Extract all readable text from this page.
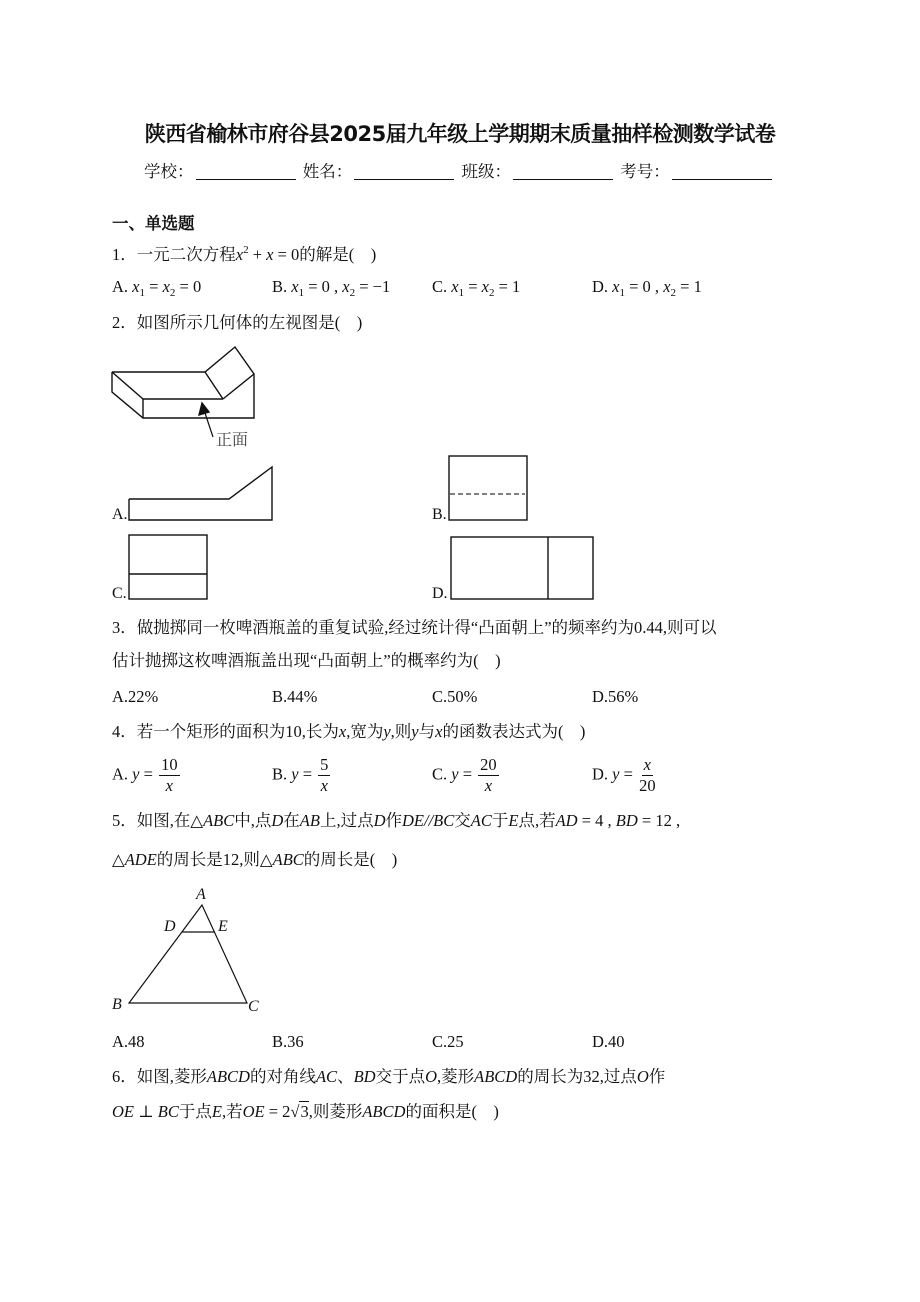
陕西省榆林市府谷县2025届九年级上学期期末质量抽样检测数学试卷
学校：	姓名：	班级：	考号：
一、单选题
1．一元二次方程$x^2 + x = 0$的解是(　)
A. $x_1 = x_2 = 0$	B. $x_1 = 0$ , $x_2 = -1$	C. $x_1 = x_2 = 1$	D. $x_1 = 0$ , $x_2 = 1$
2．如图所示几何体的左视图是(　)
正面
A.	B.
C.	D.
3．做抛掷同一枚啤酒瓶盖的重复试验,经过统计得“凸面朝上”的频率约为0.44,则可以
估计抛掷这枚啤酒瓶盖出现“凸面朝上”的概率约为(　)
A.22%	B.44%	C.50%	D.56%
4．若一个矩形的面积为10,长为x,宽为y,则y与x的函数表达式为(　)
A. $y = \frac{10}{x}$	B. $y = \frac{5}{x}$	C. $y = \frac{20}{x}$	D. $y = \frac{x}{20}$
5．如图,在△ABC中,点D在AB上,过点D作DE//BC交AC于E点,若AD = 4 , BD = 12 ,
△ADE的周长是12,则△ABC的周长是(　)
A
D	E
B	C
A.48	B.36	C.25	D.40
6．如图,菱形ABCD的对角线AC、BD交于点O,菱形ABCD的周长为32,过点O作
OE ⊥ BC于点E,若OE = 2√3,则菱形ABCD的面积是(　)
